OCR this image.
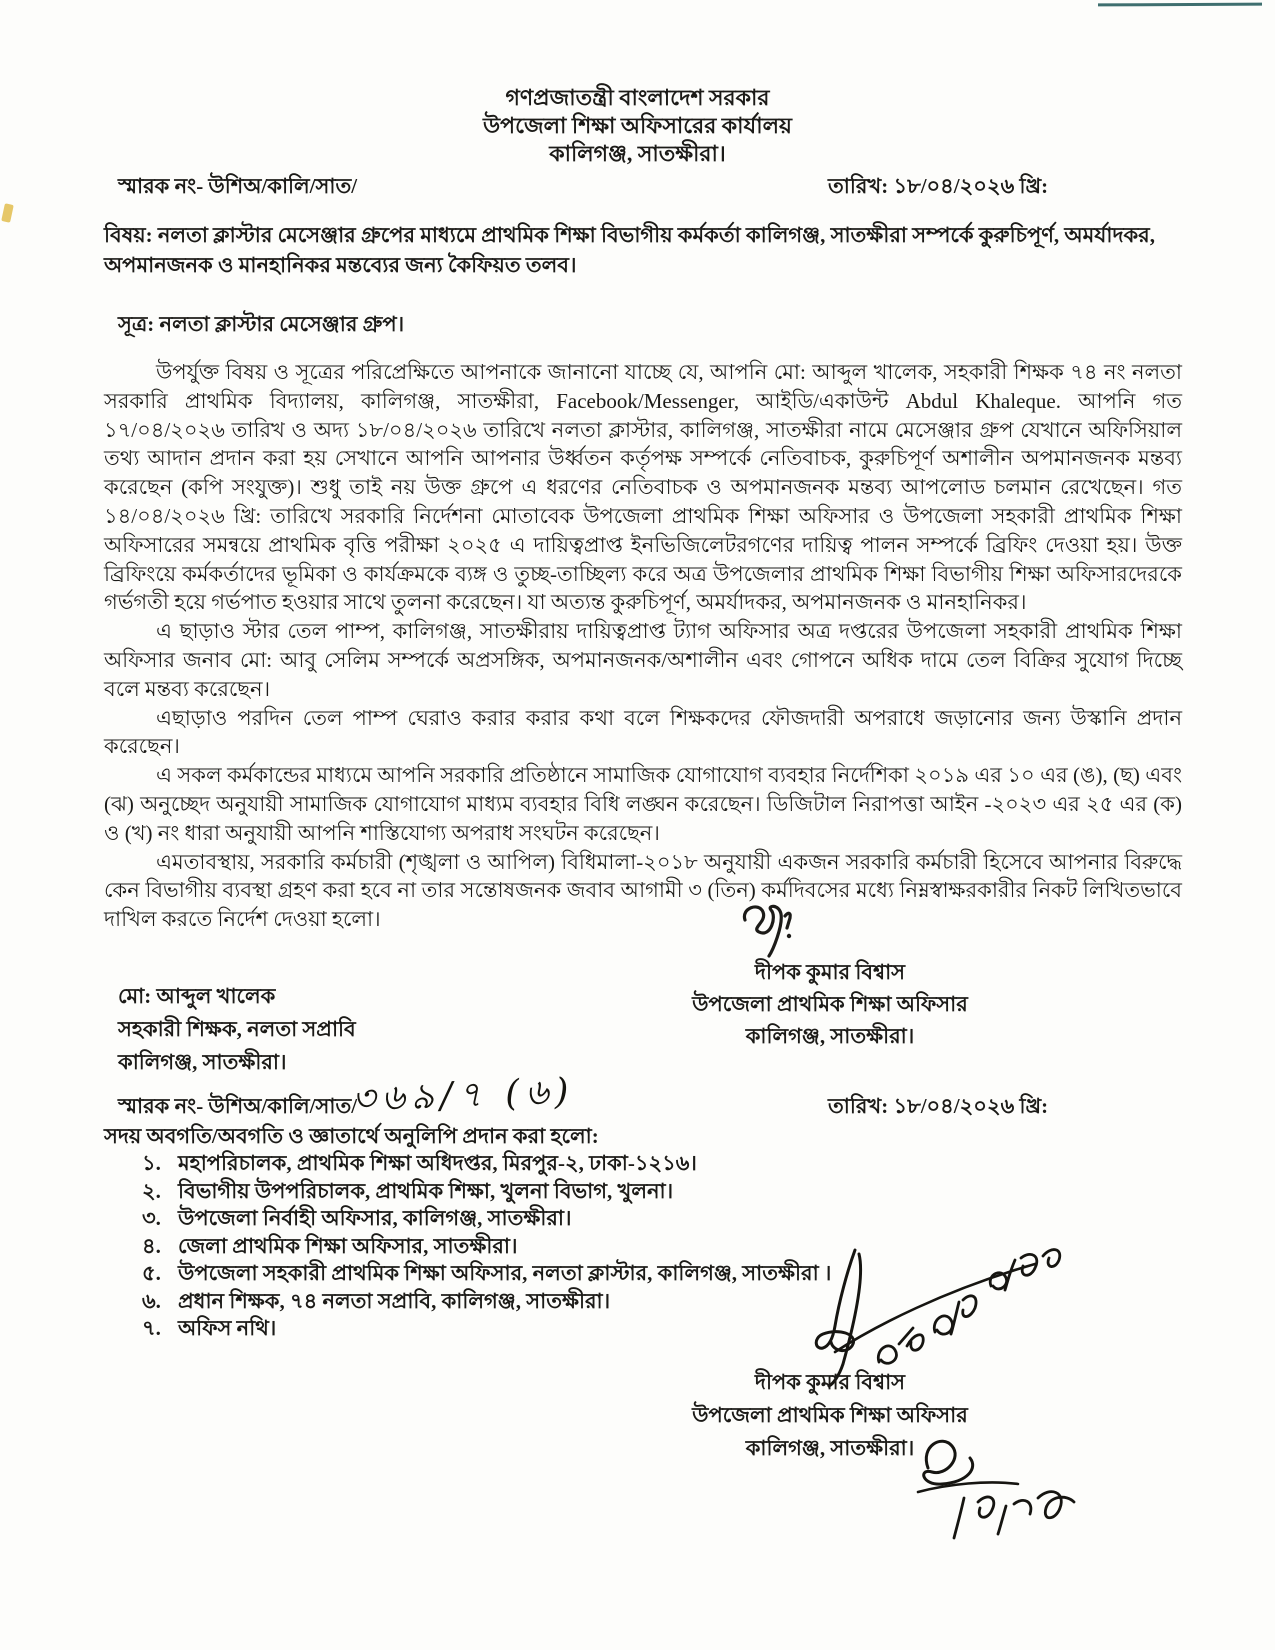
গণপ্রজাতন্ত্রী বাংলাদেশ সরকার
উপজেলা শিক্ষা অফিসারের কার্যালয়
কালিগঞ্জ, সাতক্ষীরা।
স্মারক নং- উশিঅ/কালি/সাত/	তারিখ: ১৮/০৪/২০২৬ খ্রি:
বিষয়: নলতা ক্লাস্টার মেসেঞ্জার গ্রুপের মাধ্যমে প্রাথমিক শিক্ষা বিভাগীয় কর্মকর্তা কালিগঞ্জ, সাতক্ষীরা সম্পর্কে কুরুচিপূর্ণ, অমর্যাদকর, অপমানজনক ও মানহানিকর মন্তব্যের জন্য কৈফিয়ত তলব।
সূত্র: নলতা ক্লাস্টার মেসেঞ্জার গ্রুপ।

উপর্যুক্ত বিষয় ও সূত্রের পরিপ্রেক্ষিতে আপনাকে জানানো যাচ্ছে যে, আপনি মো: আব্দুল খালেক, সহকারী শিক্ষক ৭৪ নং নলতা সরকারি প্রাথমিক বিদ্যালয়, কালিগঞ্জ, সাতক্ষীরা, Facebook/Messenger, আইডি/একাউন্ট Abdul Khaleque. আপনি গত ১৭/০৪/২০২৬ তারিখ ও অদ্য ১৮/০৪/২০২৬ তারিখে নলতা ক্লাস্টার, কালিগঞ্জ, সাতক্ষীরা নামে মেসেঞ্জার গ্রুপ যেখানে অফিসিয়াল তথ্য আদান প্রদান করা হয় সেখানে আপনি আপনার উর্ধ্বতন কর্তৃপক্ষ সম্পর্কে নেতিবাচক, কুরুচিপূর্ণ অশালীন অপমানজনক মন্তব্য করেছেন (কপি সংযুক্ত)। শুধু তাই নয় উক্ত গ্রুপে এ ধরণের নেতিবাচক ও অপমানজনক মন্তব্য আপলোড চলমান রেখেছেন। গত ১৪/০৪/২০২৬ খ্রি: তারিখে সরকারি নির্দেশনা মোতাবেক উপজেলা প্রাথমিক শিক্ষা অফিসার ও উপজেলা সহকারী প্রাথমিক শিক্ষা অফিসারের সমন্বয়ে প্রাথমিক বৃত্তি পরীক্ষা ২০২৫ এ দায়িত্বপ্রাপ্ত ইনভিজিলেটরগণের দায়িত্ব পালন সম্পর্কে ব্রিফিং দেওয়া হয়। উক্ত ব্রিফিংয়ে কর্মকর্তাদের ভূমিকা ও কার্যক্রমকে ব্যঙ্গ ও তুচ্ছ-তাচ্ছিল্য করে অত্র উপজেলার প্রাথমিক শিক্ষা বিভাগীয় শিক্ষা অফিসারদেরকে গর্ভগতী হয়ে গর্ভপাত হওয়ার সাথে তুলনা করেছেন। যা অত্যন্ত কুরুচিপূর্ণ, অমর্যাদকর, অপমানজনক ও মানহানিকর।

এ ছাড়াও স্টার তেল পাম্প, কালিগঞ্জ, সাতক্ষীরায় দায়িত্বপ্রাপ্ত ট্যাগ অফিসার অত্র দপ্তরের উপজেলা সহকারী প্রাথমিক শিক্ষা অফিসার জনাব মো: আবু সেলিম সম্পর্কে অপ্রসঙ্গিক, অপমানজনক/অশালীন এবং গোপনে অধিক দামে তেল বিক্রির সুযোগ দিচ্ছে বলে মন্তব্য করেছেন।

এছাড়াও পরদিন তেল পাম্প ঘেরাও করার করার কথা বলে শিক্ষকদের ফৌজদারী অপরাধে জড়ানোর জন্য উস্কানি প্রদান করেছেন।

এ সকল কর্মকান্ডের মাধ্যমে আপনি সরকারি প্রতিষ্ঠানে সামাজিক যোগাযোগ ব্যবহার নির্দেশিকা ২০১৯ এর ১০ এর (ঙ), (ছ) এবং (ঝ) অনুচ্ছেদ অনুযায়ী সামাজিক যোগাযোগ মাধ্যম ব্যবহার বিধি লঙ্ঘন করেছেন। ডিজিটাল নিরাপত্তা আইন -২০২৩ এর ২৫ এর (ক) ও (খ) নং ধারা অনুযায়ী আপনি শাস্তিযোগ্য অপরাধ সংঘটন করেছেন।

এমতাবস্থায়, সরকারি কর্মচারী (শৃঙ্খলা ও আপিল) বিধিমালা-২০১৮ অনুযায়ী একজন সরকারি কর্মচারী হিসেবে আপনার বিরুদ্ধে কেন বিভাগীয় ব্যবস্থা গ্রহণ করা হবে না তার সন্তোষজনক জবাব আগামী ৩ (তিন) কর্মদিবসের মধ্যে নিম্নস্বাক্ষরকারীর নিকট লিখিতভাবে দাখিল করতে নির্দেশ দেওয়া হলো।

দীপক কুমার বিশ্বাস
উপজেলা প্রাথমিক শিক্ষা অফিসার
কালিগঞ্জ, সাতক্ষীরা।
মো: আব্দুল খালেক
সহকারী শিক্ষক, নলতা সপ্রাবি
কালিগঞ্জ, সাতক্ষীরা।
স্মারক নং- উশিঅ/কালি/সাত/
৩৬৯/৭ (৬)	তারিখ: ১৮/০৪/২০২৬ খ্রি:
সদয় অবগতি/অবগতি ও জ্ঞাতার্থে অনুলিপি প্রদান করা হলো:
১. মহাপরিচালক, প্রাথমিক শিক্ষা অধিদপ্তর, মিরপুর-২, ঢাকা-১২১৬।
২. বিভাগীয় উপপরিচালক, প্রাথমিক শিক্ষা, খুলনা বিভাগ, খুলনা।
৩. উপজেলা নির্বাহী অফিসার, কালিগঞ্জ, সাতক্ষীরা।
৪. জেলা প্রাথমিক শিক্ষা অফিসার, সাতক্ষীরা।
৫. উপজেলা সহকারী প্রাথমিক শিক্ষা অফিসার, নলতা ক্লাস্টার, কালিগঞ্জ, সাতক্ষীরা ।
৬. প্রধান শিক্ষক, ৭৪ নলতা সপ্রাবি, কালিগঞ্জ, সাতক্ষীরা।
৭. অফিস নথি।
দীপক কুমার বিশ্বাস
উপজেলা প্রাথমিক শিক্ষা অফিসার
কালিগঞ্জ, সাতক্ষীরা।
